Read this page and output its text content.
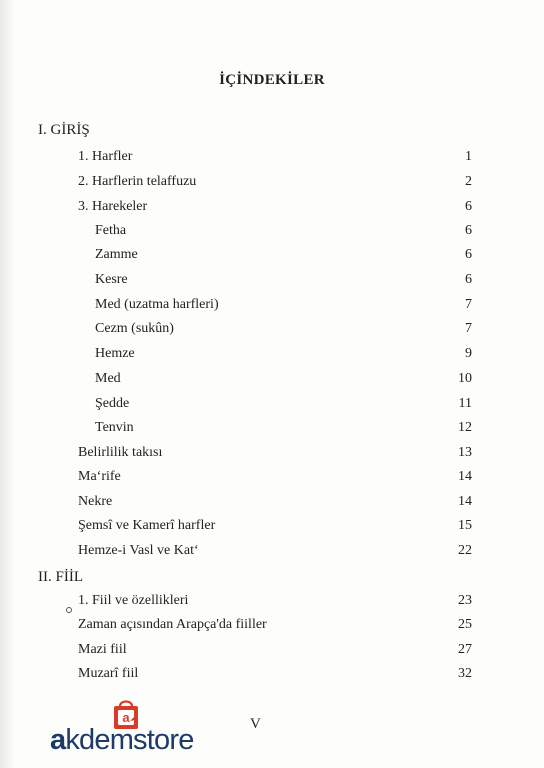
İÇİNDEKİLER
I. GİRİŞ
1. Harfler	1
2. Harflerin telaffuzu	2
3. Harekeler	6
Fetha	6
Zamme	6
Kesre	6
Med (uzatma harfleri)	7
Cezm (sukûn)	7
Hemze	9
Med	10
Şedde	11
Tenvin	12
Belirlilik takısı	13
Ma‘rife	14
Nekre	14
Şemsî ve Kamerî harfler	15
Hemze-i Vasl ve Kat‘	22
II. FİİL
1. Fiil ve özellikleri	23
Zaman açısından Arapça'da fiiller	25
Mazi fiil	27
Muzarî fiil	32
V
a
akdemstore
